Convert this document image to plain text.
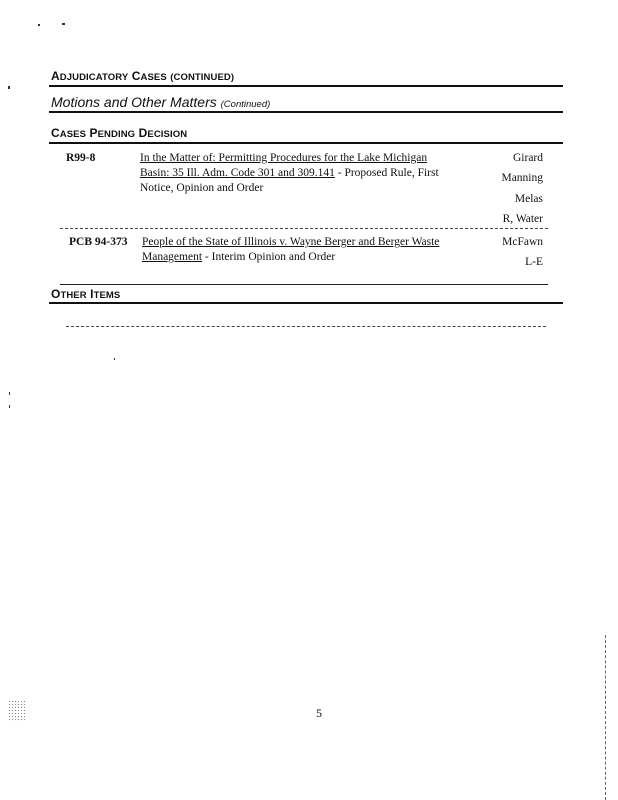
ADJUDICATORY CASES (CONTINUED)
Motions and Other Matters (Continued)
CASES PENDING DECISION
R99-8	In the Matter of: Permitting Procedures for the Lake Michigan
Basin: 35 Ill. Adm. Code 301 and 309.141 - Proposed Rule, First
Notice, Opinion and Order
Girard
Manning
Melas
R, Water
PCB 94-373 People of the State of Illinois v. Wayne Berger and Berger Waste
Management - Interim Opinion and Order
McFawn
L-E
OTHER ITEMS
5
